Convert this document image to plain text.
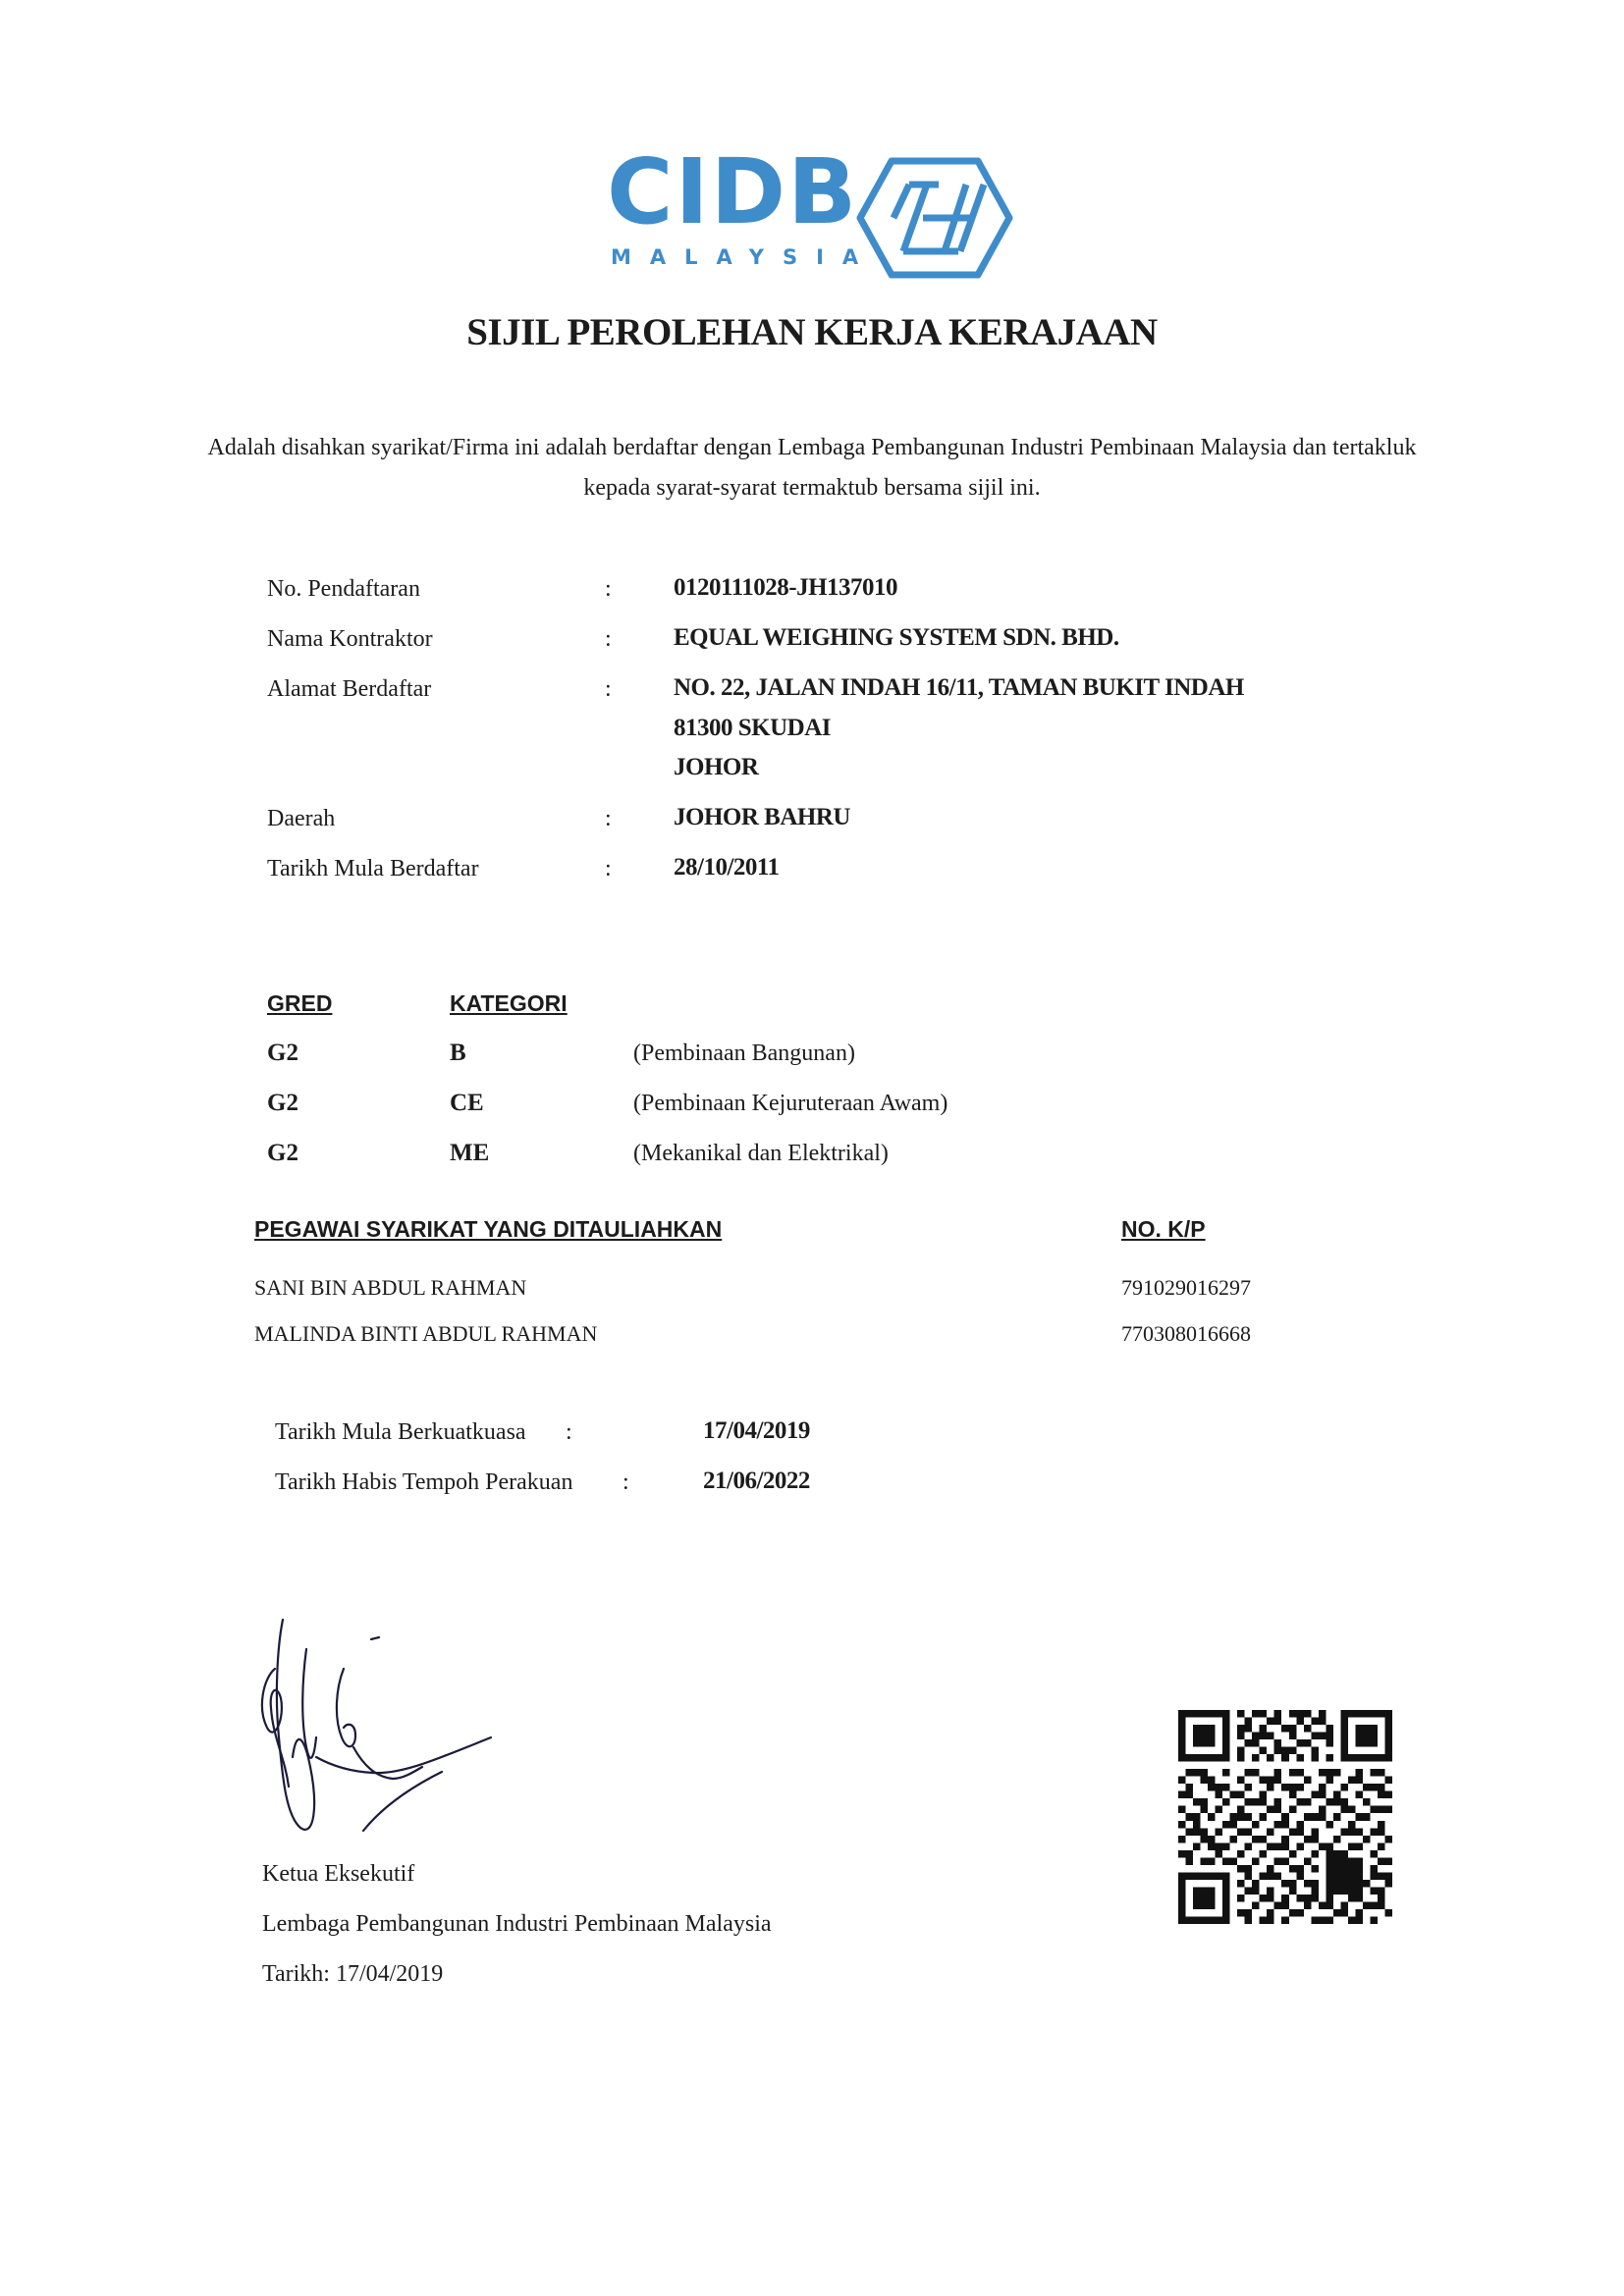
CIDB
MALAYSIA
SIJIL PEROLEHAN KERJA KERAJAAN
Adalah disahkan syarikat/Firma ini adalah berdaftar dengan Lembaga Pembangunan Industri Pembinaan Malaysia dan tertakluk kepada syarat-syarat termaktub bersama sijil ini.
No. Pendaftaran	:	0120111028-JH137010
Nama Kontraktor	:	EQUAL WEIGHING SYSTEM SDN. BHD.
Alamat Berdaftar	:	NO. 22, JALAN INDAH 16/11, TAMAN BUKIT INDAH
81300 SKUDAI
JOHOR
Daerah	:	JOHOR BAHRU
Tarikh Mula Berdaftar	:	28/10/2011
GRED	KATEGORI
G2	B	(Pembinaan Bangunan)
G2	CE	(Pembinaan Kejuruteraan Awam)
G2	ME	(Mekanikal dan Elektrikal)
PEGAWAI SYARIKAT YANG DITAULIAHKAN	NO. K/P
SANI BIN ABDUL RAHMAN	791029016297
MALINDA BINTI ABDUL RAHMAN	770308016668
Tarikh Mula Berkuatkuasa :	17/04/2019
Tarikh Habis Tempoh Perakuan :	21/06/2022
Ketua Eksekutif
Lembaga Pembangunan Industri Pembinaan Malaysia
Tarikh: 17/04/2019
